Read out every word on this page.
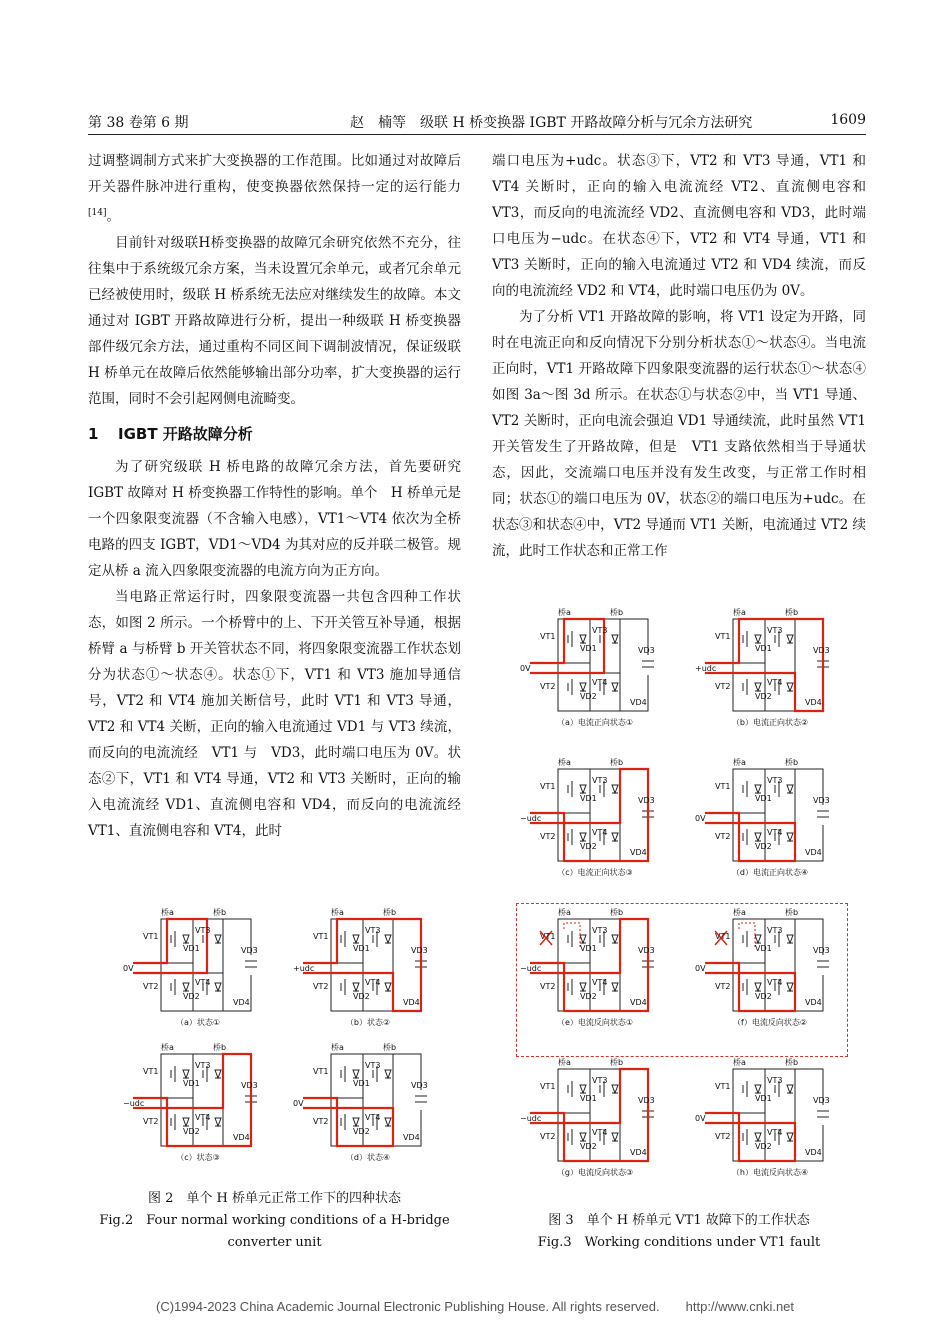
第 38 卷第 6 期	赵　楠等　级联 H 桥变换器 IGBT 开路故障分析与冗余方法研究	1609

过调整调制方式来扩大变换器的工作范围。比如通过对故障后开关器件脉冲进行重构，使变换器依然保持一定的运行能力[14]。

目前针对级联H桥变换器的故障冗余研究依然不充分，往往集中于系统级冗余方案，当未设置冗余单元，或者冗余单元已经被使用时，级联 H 桥系统无法应对继续发生的故障。本文通过对 IGBT 开路故障进行分析，提出一种级联 H 桥变换器部件级冗余方法，通过重构不同区间下调制波情况，保证级联 H 桥单元在故障后依然能够输出部分功率，扩大变换器的运行范围，同时不会引起网侧电流畸变。

1 IGBT 开路故障分析

为了研究级联 H 桥电路的故障冗余方法，首先要研究 IGBT 故障对 H 桥变换器工作特性的影响。单个　H 桥单元是一个四象限变流器（不含输入电感），VT1～VT4 依次为全桥电路的四支 IGBT，VD1～VD4 为其对应的反并联二极管。规定从桥 a 流入四象限变流器的电流方向为正方向。

当电路正常运行时，四象限变流器一共包含四种工作状态，如图 2 所示。一个桥臂中的上、下开关管互补导通，根据桥臂 a 与桥臂 b 开关管状态不同，将四象限变流器工作状态划分为状态①～状态④。状态①下，VT1 和 VT3 施加导通信号，VT2 和 VT4 施加关断信号，此时 VT1 和 VT3 导通，VT2 和 VT4 关断，正向的输入电流通过 VD1 与 VT3 续流，而反向的电流流经　VT1 与　VD3，此时端口电压为 0V。状态②下，VT1 和 VT4 导通，VT2 和 VT3 关断时，正向的输入电流流经 VD1、直流侧电容和 VD4，而反向的电流流经 VT1、直流侧电容和 VT4，此时

端口电压为+udc。状态③下，VT2 和 VT3 导通，VT1 和 VT4 关断时，正向的输入电流流经 VT2、直流侧电容和 VT3，而反向的电流流经 VD2、直流侧电容和 VD3，此时端口电压为−udc。在状态④下，VT2 和 VT4 导通，VT1 和 VT3 关断时，正向的输入电流通过 VT2 和 VD4 续流，而反向的电流流经 VD2 和 VT4，此时端口电压仍为 0V。

为了分析 VT1 开路故障的影响，将 VT1 设定为开路，同时在电流正向和反向情况下分别分析状态①～状态④。当电流正向时，VT1 开路故障下四象限变流器的运行状态①～状态④如图 3a～图 3d 所示。在状态①与状态②中，当 VT1 导通、VT2 关断时，正向电流会强迫 VD1 导通续流，此时虽然 VT1 开关管发生了开路故障，但是　VT1 支路依然相当于导通状态，因此，交流端口电压并没有发生改变，与正常工作时相同；状态①的端口电压为 0V，状态②的端口电压为+udc。在状态③和状态④中，VT2 导通而 VT1 关断，电流通过 VT2 续流，此时工作状态和正常工作

桥a	桥b
VT1
VT3
VD1	VD3
VT2	VT4
VD2
VD4
0V
（a）状态①
桥a	桥b
VT1
VT3
VD1	VD3
VT2	VT4
VD2
VD4
+udc
（b）状态②
桥a	桥b
VT1
VT3
VD1	VD3
VT2	VT4
VD2
VD4
−udc
（c）状态③
桥a	桥b
VT1
VT3
VD1	VD3
VT2	VT4
VD2
VD4
0V
（d）状态④
图 2　单个 H 桥单元正常工作下的四种状态
Fig.2　Four normal working conditions of a H-bridge converter unit
桥a	桥b
VT1
VT3
VD1	VD3
VT2	VT4
VD2
VD4
0V
（a）电流正向状态①
桥a	桥b
VT1
VT3
VD1	VD3
VT2	VT4
VD2
VD4
+udc
（b）电流正向状态②
桥a	桥b
VT1
VT3
VD1	VD3
VT2	VT4
VD2
VD4
−udc
（c）电流正向状态③
桥a	桥b
VT1
VT3
VD1	VD3
VT2	VT4
VD2
VD4
0V
（d）电流正向状态④
桥a	桥b
VT1
VT3
VD1	VD3
VT2	VT4
VD2
VD4
−udc
（e）电流反向状态①
桥a	桥b
VT1
VT3
VD1	VD3
VT2	VT4
VD2
VD4
0V
（f）电流反向状态②
桥a	桥b
VT1
VT3
VD1	VD3
VT2	VT4
VD2
VD4
−udc
（g）电流反向状态③
桥a	桥b
VT1
VT3
VD1	VD3
VT2	VT4
VD2
VD4
0V
（h）电流反向状态④
图 3　单个 H 桥单元 VT1 故障下的工作状态
Fig.3　Working conditions under VT1 fault
(C)1994-2023 China Academic Journal Electronic Publishing House. All rights reserved.　　http://www.cnki.net
